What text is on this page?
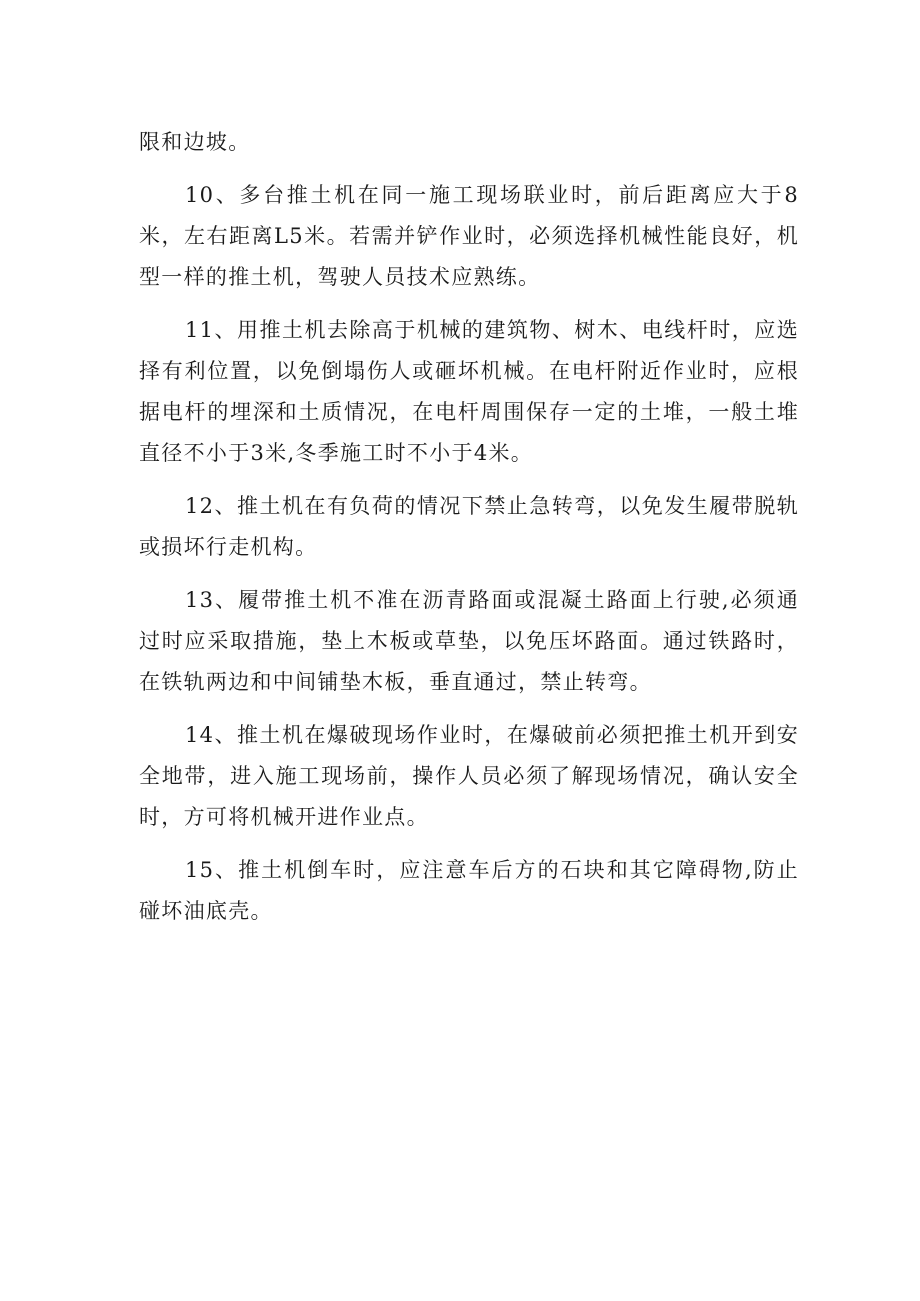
限和边坡。

10、多台推土机在同一施工现场联业时，前后距离应大于8米，左右距离L5米。若需并铲作业时，必须选择机械性能良好，机型一样的推土机，驾驶人员技术应熟练。

11、用推土机去除高于机械的建筑物、树木、电线杆时，应选择有利位置，以免倒塌伤人或砸坏机械。在电杆附近作业时，应根据电杆的埋深和土质情况，在电杆周围保存一定的土堆，一般土堆直径不小于3米,冬季施工时不小于4米。

12、推土机在有负荷的情况下禁止急转弯，以免发生履带脱轨或损坏行走机构。

13、履带推土机不准在沥青路面或混凝土路面上行驶,必须通过时应采取措施，垫上木板或草垫，以免压坏路面。通过铁路时，在铁轨两边和中间铺垫木板，垂直通过，禁止转弯。

14、推土机在爆破现场作业时，在爆破前必须把推土机开到安全地带，进入施工现场前，操作人员必须了解现场情况，确认安全时，方可将机械开进作业点。

15、推土机倒车时，应注意车后方的石块和其它障碍物,防止碰坏油底壳。
